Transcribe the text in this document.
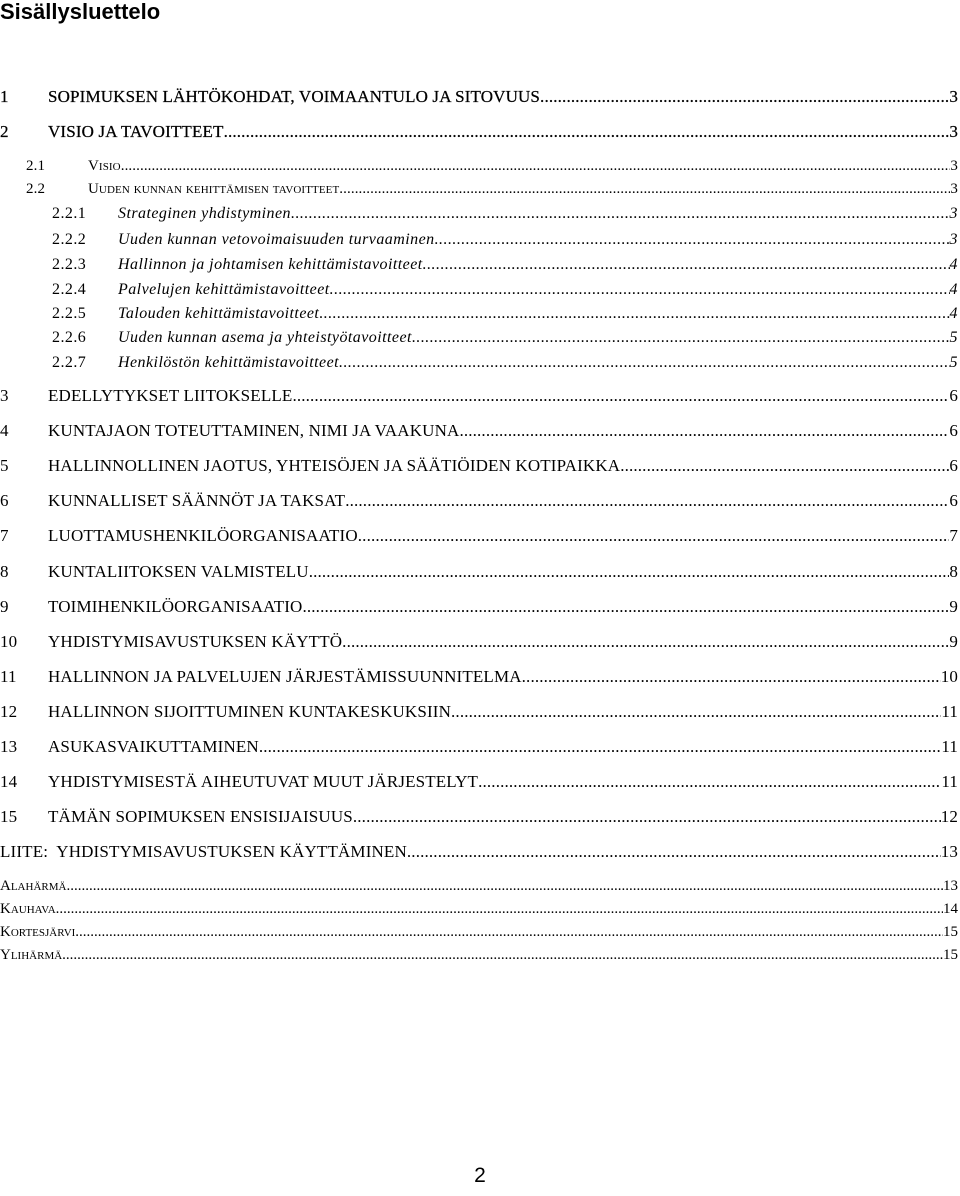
Sisällysluettelo
1	SOPIMUKSEN LÄHTÖKOHDAT, VOIMAANTULO JA SITOVUUS .....	3
2	VISIO JA TAVOITTEET .....	3
2.1	Visio .....	3
2.2	Uuden kunnan kehittämisen tavoitteet .....	3
2.2.1	Strateginen yhdistyminen .....	3
2.2.2	Uuden kunnan vetovoimaisuuden turvaaminen .....	3
2.2.3	Hallinnon ja johtamisen kehittämistavoitteet .....	4
2.2.4	Palvelujen kehittämistavoitteet .....	4
2.2.5	Talouden kehittämistavoitteet .....	4
2.2.6	Uuden kunnan asema ja yhteistyötavoitteet .....	5
2.2.7	Henkilöstön kehittämistavoitteet .....	5
3	EDELLYTYKSET LIITOKSELLE .....	6
4	KUNTAJAON TOTEUTTAMINEN, NIMI JA VAAKUNA .....	6
5	HALLINNOLLINEN JAOTUS, YHTEISÖJEN JA SÄÄTIÖIDEN KOTIPAIKKA .....	6
6	KUNNALLISET SÄÄNNÖT JA TAKSAT .....	6
7	LUOTTAMUSHENKILÖORGANISAATIO .....	7
8	KUNTALIITOKSEN VALMISTELU .....	8
9	TOIMIHENKILÖORGANISAATIO .....	9
10	YHDISTYMISAVUSTUKSEN KÄYTTÖ .....	9
11	HALLINNON JA PALVELUJEN JÄRJESTÄMISSUUNNITELMA .....	10
12	HALLINNON SIJOITTUMINEN KUNTAKESKUKSIIN .....	11
13	ASUKASVAIKUTTAMINEN .....	11
14	YHDISTYMISESTÄ AIHEUTUVAT MUUT JÄRJESTELYT .....	11
15	TÄMÄN SOPIMUKSEN ENSISIJAISUUS .....	12
LIITE:  YHDISTYMISAVUSTUKSEN KÄYTTÄMINEN .....	13
Alahärmä .....	13
Kauhava .....	14
Kortesjärvi .....	15
Ylihärmä .....	15
2
